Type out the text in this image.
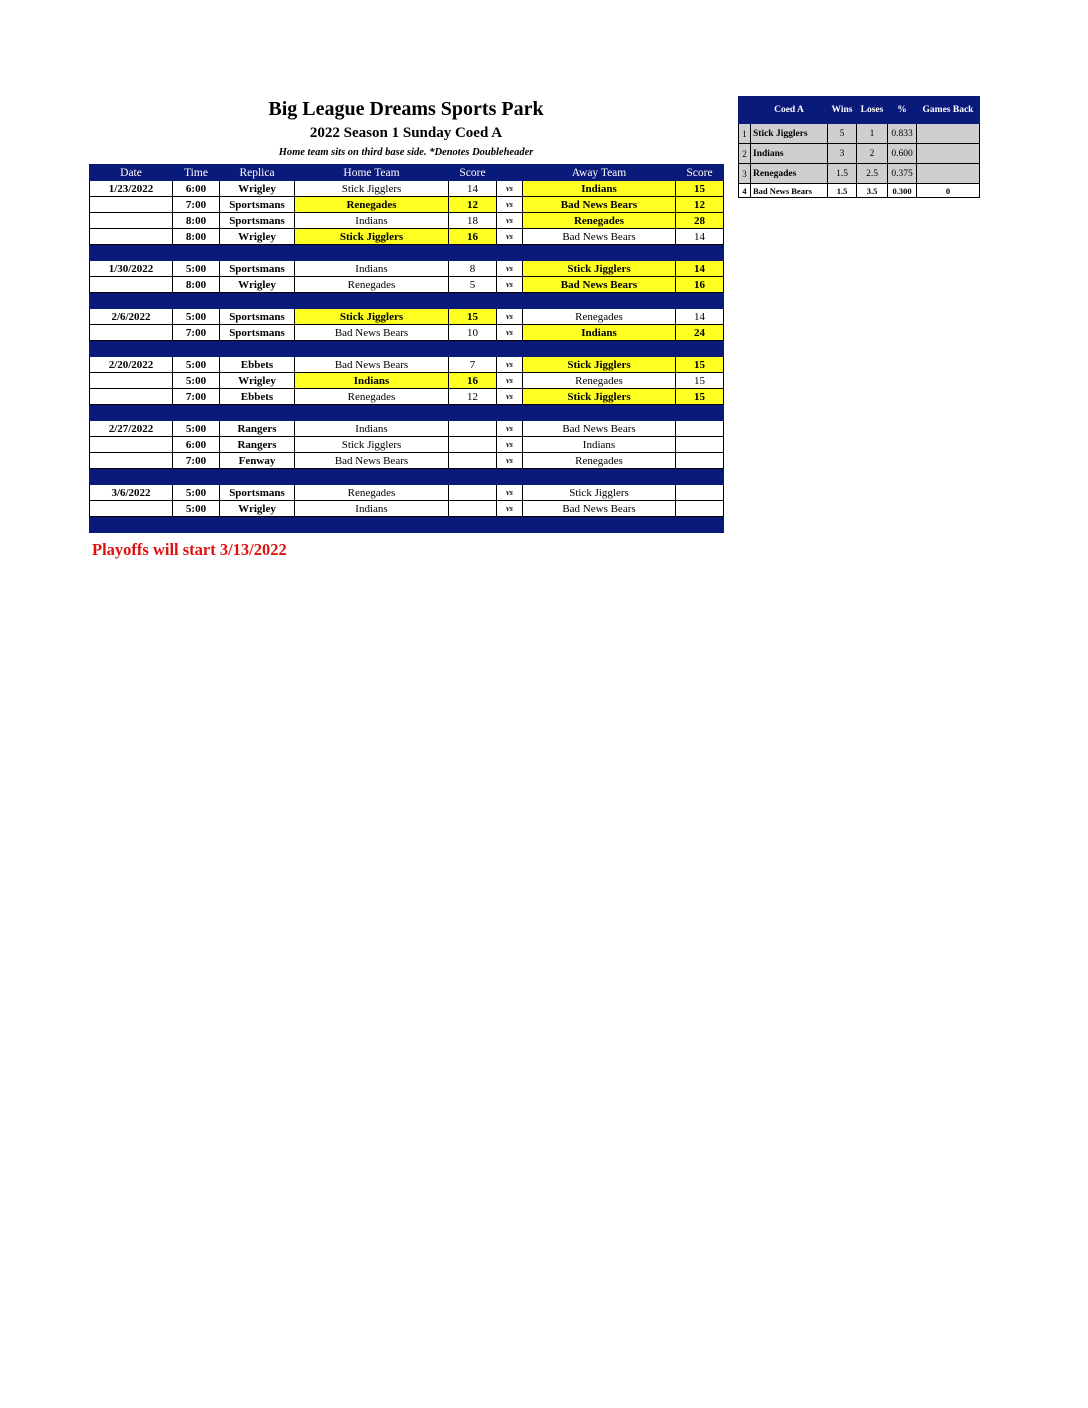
Big League Dreams Sports Park
2022 Season 1 Sunday Coed A
Home team sits on third base side. *Denotes Doubleheader
Date	Time	Replica	Home Team	Score		Away Team	Score
1/23/2022	6:00	Wrigley	Stick Jigglers	14	vs	Indians	15
	7:00	Sportsmans	Renegades	12	vs	Bad News Bears	12
	8:00	Sportsmans	Indians	18	vs	Renegades	28
	8:00	Wrigley	Stick Jigglers	16	vs	Bad News Bears	14

1/30/2022	5:00	Sportsmans	Indians	8	vs	Stick Jigglers	14
	8:00	Wrigley	Renegades	5	vs	Bad News Bears	16

2/6/2022	5:00	Sportsmans	Stick Jigglers	15	vs	Renegades	14
	7:00	Sportsmans	Bad News Bears	10	vs	Indians	24

2/20/2022	5:00	Ebbets	Bad News Bears	7	vs	Stick Jigglers	15
	5:00	Wrigley	Indians	16	vs	Renegades	15
	7:00	Ebbets	Renegades	12	vs	Stick Jigglers	15

2/27/2022	5:00	Rangers	Indians		vs	Bad News Bears	
	6:00	Rangers	Stick Jigglers		vs	Indians	
	7:00	Fenway	Bad News Bears		vs	Renegades	

3/6/2022	5:00	Sportsmans	Renegades		vs	Stick Jigglers	
	5:00	Wrigley	Indians		vs	Bad News Bears	

	Coed A	Wins	Loses	%	Games Back
1	Stick Jigglers	5	1	0.833	
2	Indians	3	2	0.600	
3	Renegades	1.5	2.5	0.375	
4	Bad News Bears	1.5	3.5	0.300	0
Playoffs will start 3/13/2022
